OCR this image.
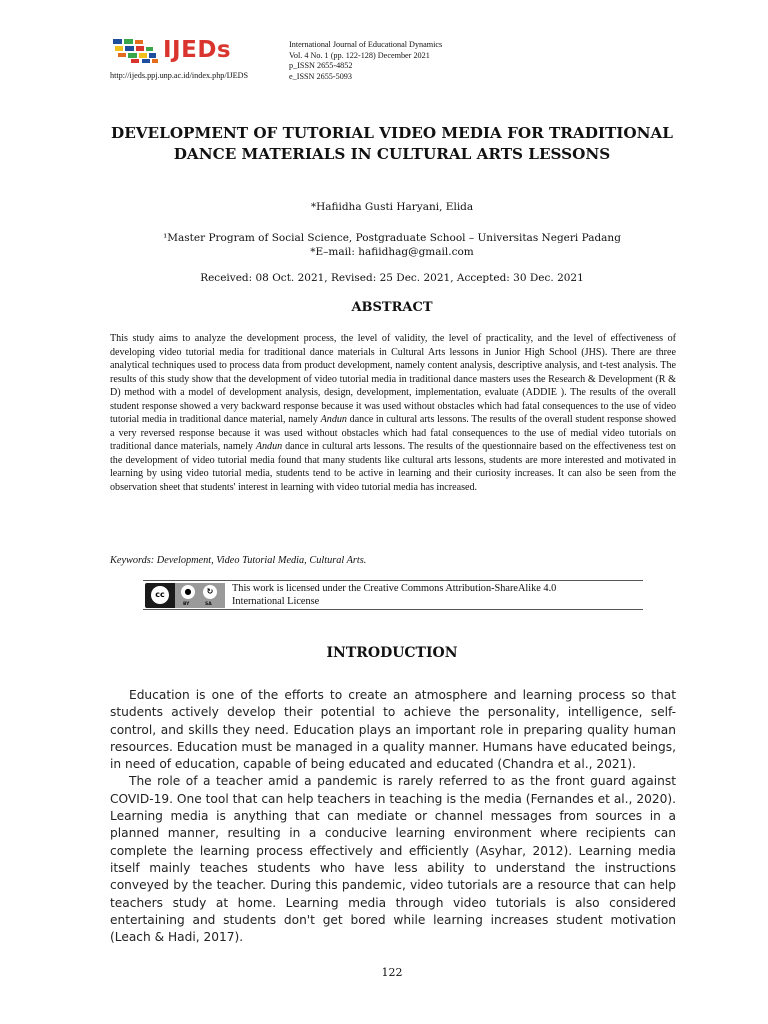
IJEDs
http://ijeds.ppj.unp.ac.id/index.php/IJEDS
International Journal of Educational Dynamics
Vol. 4 No. 1 (pp. 122-128) December 2021
p_ISSN 2655-4852
e_ISSN 2655-5093
DEVELOPMENT OF TUTORIAL VIDEO MEDIA FOR TRADITIONAL DANCE MATERIALS IN CULTURAL ARTS LESSONS
*Hafiidha Gusti Haryani, Elida
¹Master Program of Social Science, Postgraduate School – Universitas Negeri Padang
*E–mail: hafiidhag@gmail.com
Received: 08 Oct. 2021, Revised: 25 Dec. 2021, Accepted: 30 Dec. 2021
ABSTRACT
This study aims to analyze the development process, the level of validity, the level of practicality, and the level of effectiveness of developing video tutorial media for traditional dance materials in Cultural Arts lessons in Junior High School (JHS). There are three analytical techniques used to process data from product development, namely content analysis, descriptive analysis, and t-test analysis. The results of this study show that the development of video tutorial media in traditional dance masters uses the Research & Development (R & D) method with a model of development analysis, design, development, implementation, evaluate (ADDIE ). The results of the overall student response showed a very backward response because it was used without obstacles which had fatal consequences to the use of video tutorial media in traditional dance material, namely Andun dance in cultural arts lessons. The results of the overall student response showed a very reversed response because it was used without obstacles which had fatal consequences to the use of medial video tutorials on traditional dance materials, namely Andun dance in cultural arts lessons. The results of the questionnaire based on the effectiveness test on the development of video tutorial media found that many students like cultural arts lessons, students are more interested and motivated in learning by using video tutorial media, students tend to be active in learning and their curiosity increases. It can also be seen from the observation sheet that students' interest in learning with video tutorial media has increased.
Keywords: Development, Video Tutorial Media, Cultural Arts.
cc	●	↻
BY	SA
This work is licensed under the Creative Commons Attribution-ShareAlike 4.0
International License
INTRODUCTION

Education is one of the efforts to create an atmosphere and learning process so that students actively develop their potential to achieve the personality, intelligence, self-control, and skills they need. Education plays an important role in preparing quality human resources. Education must be managed in a quality manner. Humans have educated beings, in need of education, capable of being educated and educated (Chandra et al., 2021).

The role of a teacher amid a pandemic is rarely referred to as the front guard against COVID-19. One tool that can help teachers in teaching is the media (Fernandes et al., 2020). Learning media is anything that can mediate or channel messages from sources in a planned manner, resulting in a conducive learning environment where recipients can complete the learning process effectively and efficiently (Asyhar, 2012). Learning media itself mainly teaches students who have less ability to understand the instructions conveyed by the teacher. During this pandemic, video tutorials are a resource that can help teachers study at home. Learning media through video tutorials is also considered entertaining and students don't get bored while learning increases student motivation (Leach & Hadi, 2017).

122
